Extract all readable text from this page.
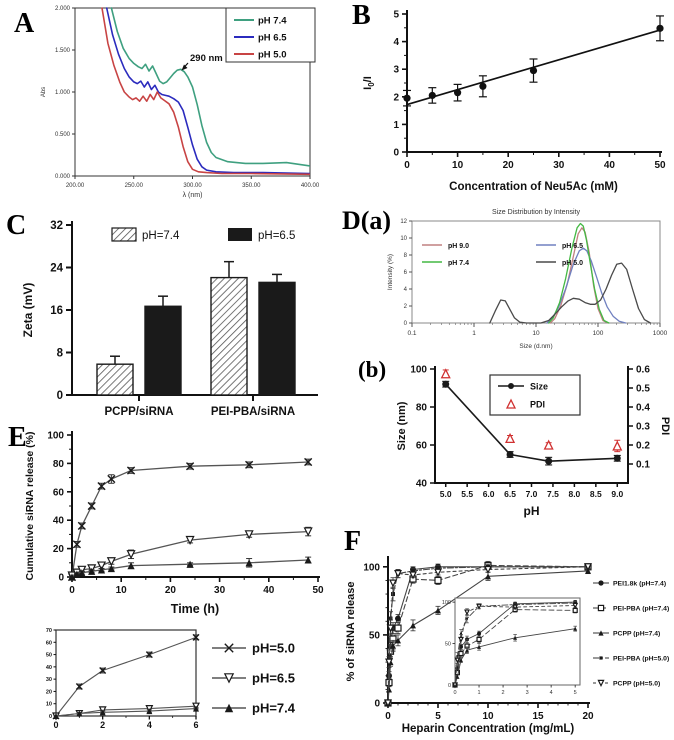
A	B
C	D(a)
(b)
E
F
200.00	250.00	300.00	350.00	400.00
0.000
0.500
1.000
1.500
2.000
λ (nm)
Abs
pH 7.4
pH 6.5
pH 5.0
290 nm
0	10	20	30	40	50
0
1
2
3
4
5
Concentration of Neu5Ac (mM)
$I_0/I$
0
8
16
24
32
Zeta (mV)
PCPP/siRNA	PEI-PBA/siRNA
pH=7.4	pH=6.5
Size Distribution by Intensity
0
2
4
6
8
10
12
0.1	1	10	100	1000
Intensity (%)
Size (d.nm)
pH 9.0	pH 6.5
pH 7.4	pH 5.0
5.0 5.5 6.0 6.5 7.0 7.5 8.0 8.5 9.0
40
60
80
100
0.1
0.2
0.3
0.4
0.5
0.6
Size (nm)	PDI
pH
Size
PDI
0	10	20	30	40	50
0
20
40
60
80
100
Cumulative siRNA release (%)
Time (h)
0
10
20
30
40
50
60
70
0	2	4	6
pH=5.0
pH=6.5
pH=7.4
0	5	10	15	20
0
50
100
% of siRNA release
Heparin Concentration (mg/mL)
PEI1.8k (pH=7.4)
PEI-PBA (pH=7.4)
PCPP (pH=7.4)
PEI-PBA (pH=5.0)
PCPP (pH=5.0)
0	1	2	3	4	5
0
50
100
